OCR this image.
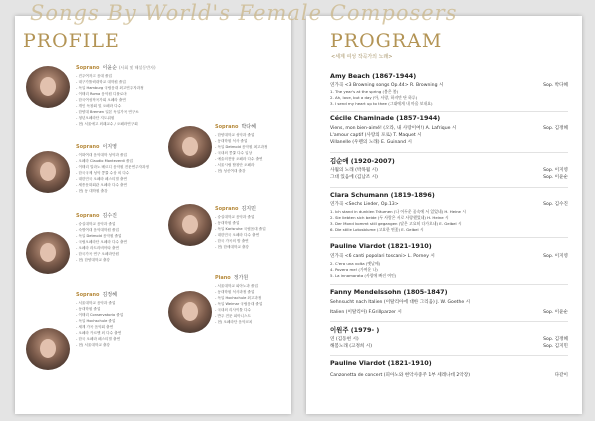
Songs By World's Female Composers
PROFILE
Soprano 이윤순 (사회 및 해설동반자)
- 진주여자고 음대 졸업
- 대구가톨릭대학교 대학원 졸업
- 독일 Hamburg 국립음대 최고연주자과정
- 이태리 Roma 음악원 디플로마
- 한국여성작곡가회 오페라 출연
- 개인 독창회 및 오페라 다수
- 한양대 Bremen 일본 독일가곡 연구소
- 청년오페라단 지도위원
- 현) 서울예고 외래교수 / 오페라연구회
Soprano 이지영
- 이화여대 음악대학 성악과 졸업
- 오페라 Claudio Monteverdi 졸업
- 이태리 밀라노 베르디 음악원 전문연주자과정
- 한국국제 성악 콩쿨 수상 외 다수
- 대한민국 오페라 페스티벌 출연
- 세종문화회관 오페라 다수 출연
- 현) 동 대학원 출강
Soprano 김수진
- 숭실대학교 음악과 졸업
- 숙명여대 음악대학원 졸업
- 독일 Detmold 음악원 졸업
- 국립오페라단 오페라 다수 출연
- 오페라 라트라비아타 출연
- 한국가곡 연구 오페라단원
- 현) 한양대학교 출강
Soprano 김정혜
- 서울대학교 음악과 졸업
- 동대학원 졸업
- 이태리 Conservatorio 졸업
- 독일 Hochschule 졸업
- 세계 가곡 음악회 출연
- 오페라 카르멘 외 다수 출연
- 한국 오페라 페스티벌 출연
- 현) 서울대학교 출강
Soprano 박다혜
- 한양대학교 성악과 졸업
- 동대학원 석사 졸업
- 독일 Detmold 음악원 최고과정
- 국내외 콩쿨 다수 입상
- 예술의전당 오페라 다수 출연
- 서울시립 합창단 오페라
- 현) 성신여대 출강
Soprano 김지민
- 숭실대학교 음악과 졸업
- 동대학원 졸업
- 독일 Karlsruhe 국립음대 졸업
- 대한민국 오페라 다수 출연
- 한국 가곡의 밤 출연
- 현) 한세대학교 출강
Piano 정가원
- 서울대학교 피아노과 졸업
- 동대학원 석사과정 졸업
- 독일 Hochschule 최고과정
- 독일 Weimar 국립음대 졸업
- 국내외 리사이틀 다수
- 반주 전문 피아니스트
- 현) 오페라단 음악코치
PROGRAM
<세계 여성 작곡가의 노래>
Amy Beach (1867-1944)
연가곡 <3 Browning songs Op.44> R. Browning 시	Sop. 박다혜
1. The year's at the spring (봄은 봄)
2. Ah, love, but a day (아, 사랑, 하지만 단 하루)
3. I send my heart up to thee (그대에게 내 마음 보내요)
Cécile Chaminade (1857-1944)
Viens, mon bien-aimé! (오라, 내 사랑이여!) A. Lafrique 시	Sop. 김정혜
L'amour captif (사랑의 포로) T. Maquet 시
Villanelle (우렌의 노래) E. Guinand 시
김순애 (1920-2007)
사월의 노래 (박목월 시)	Sop. 이지영
그대 있음에 (김남조 시)	Sop. 이윤순
Clara Schumann (1819-1896)
연가곡 <Sechs Lieder, Op.13>	Sop. 김수진
1. Ich stand in dunklen Träumen (나 어두운 꿈속에 서 있었네) H. Heine 시
2. Sie liebten sich beide (두 사람은 서로 사랑했었네) H. Heine 시
3. Der Mond kommt still gegangen (달은 고요히 다가오네) E. Geibel 시
6. Die stille Lotosblume (고요한 연꽃) E. Geibel 시
Pauline Viardot (1821-1910)
연가곡 <6 canti popolari toscani> L. Porney 시	Sop. 이지영
2. C'era una volta (옛날에)
4. Povera me! (가여운 나)
5. La innamorata (사랑에 빠진 여인)
Fanny Mendelssohn (1805-1847)
Sehnsucht nach Italien (이탈리아에 대한 그리움) J. W. Goethe 시
Italien (이탈리아) F.Grillparzer 시	Sop. 이윤순
이원주 (1979- )
연 (김동현 시)	Sop. 김정혜
해봄노래 (고정희 시)	Sop. 김지민
Pauline Viardot (1821-1910)
Canzonetta de concert (피아노와 현악사중주 1부 세레나데 2악장)	다같이
